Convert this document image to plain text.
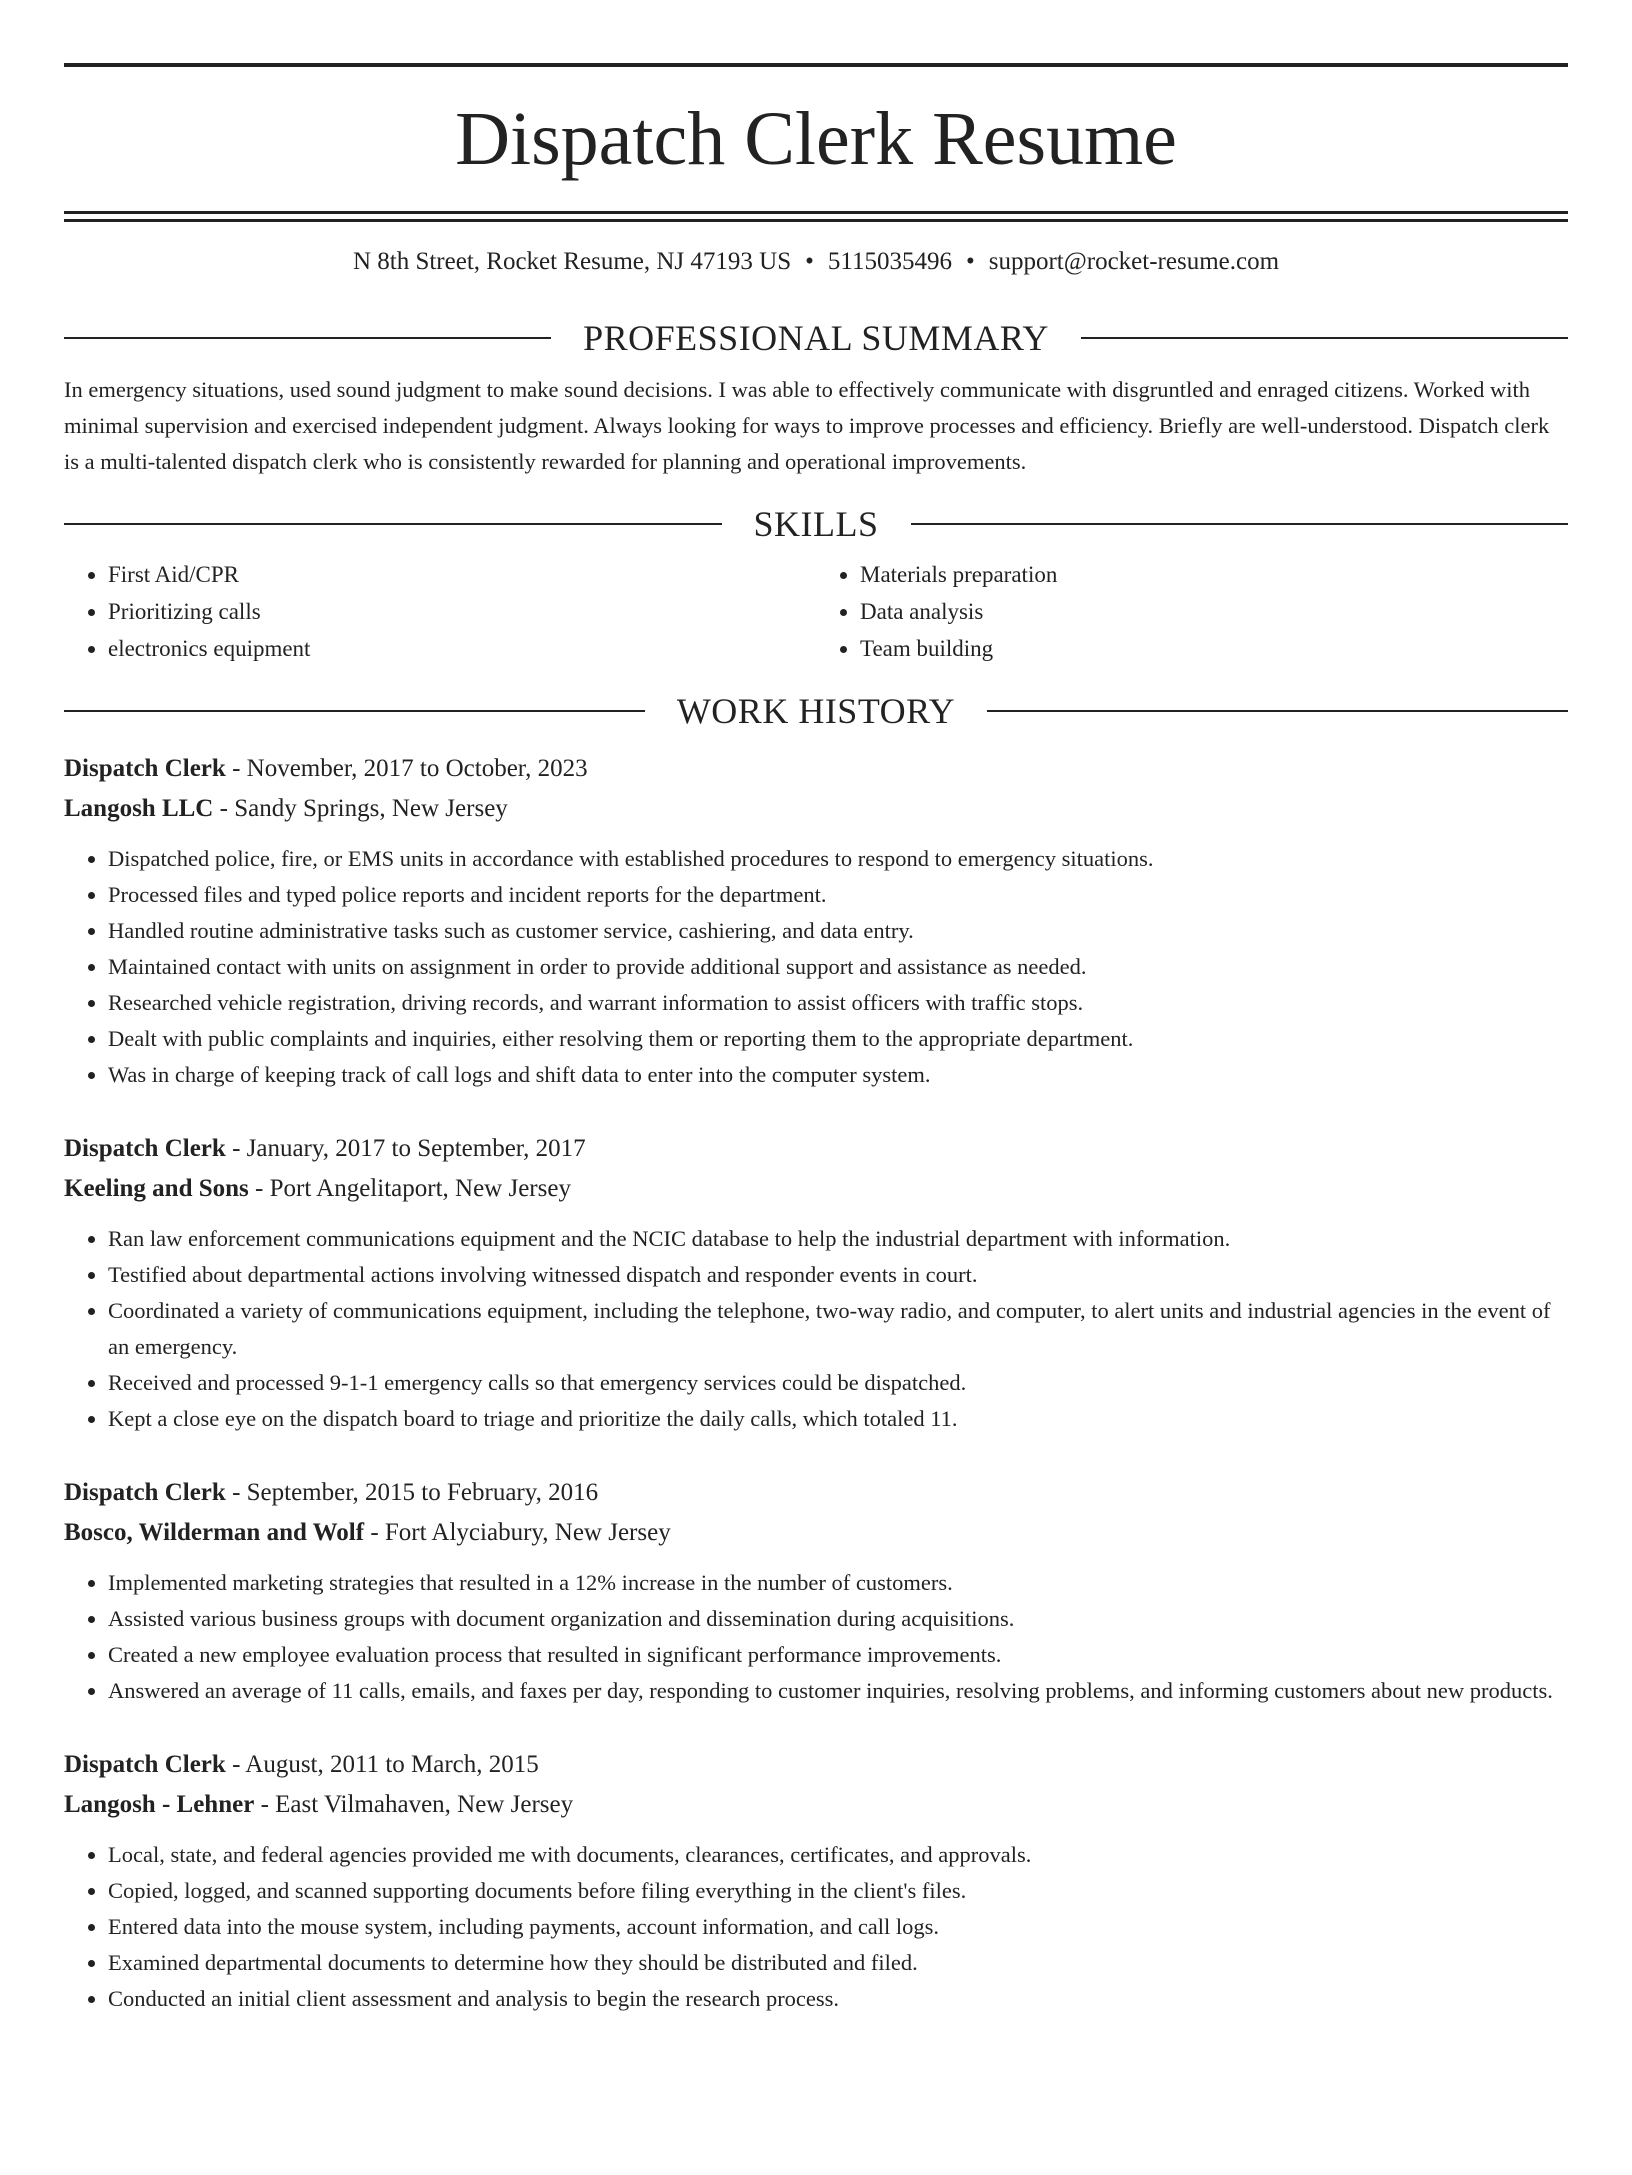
Dispatch Clerk Resume
N 8th Street, Rocket Resume, NJ 47193 US • 5115035496 • support@rocket-resume.com
PROFESSIONAL SUMMARY
In emergency situations, used sound judgment to make sound decisions. I was able to effectively communicate with disgruntled and enraged citizens. Worked with minimal supervision and exercised independent judgment. Always looking for ways to improve processes and efficiency. Briefly are well-understood. Dispatch clerk is a multi-talented dispatch clerk who is consistently rewarded for planning and operational improvements.
SKILLS
• First Aid/CPR
• Prioritizing calls
• electronics equipment
• Materials preparation
• Data analysis
• Team building
WORK HISTORY
Dispatch Clerk - November, 2017 to October, 2023
Langosh LLC - Sandy Springs, New Jersey
• Dispatched police, fire, or EMS units in accordance with established procedures to respond to emergency situations.
• Processed files and typed police reports and incident reports for the department.
• Handled routine administrative tasks such as customer service, cashiering, and data entry.
• Maintained contact with units on assignment in order to provide additional support and assistance as needed.
• Researched vehicle registration, driving records, and warrant information to assist officers with traffic stops.
• Dealt with public complaints and inquiries, either resolving them or reporting them to the appropriate department.
• Was in charge of keeping track of call logs and shift data to enter into the computer system.
Dispatch Clerk - January, 2017 to September, 2017
Keeling and Sons - Port Angelitaport, New Jersey
• Ran law enforcement communications equipment and the NCIC database to help the industrial department with information.
• Testified about departmental actions involving witnessed dispatch and responder events in court.
• Coordinated a variety of communications equipment, including the telephone, two-way radio, and computer, to alert units and industrial agencies in the event of an emergency.
• Received and processed 9-1-1 emergency calls so that emergency services could be dispatched.
• Kept a close eye on the dispatch board to triage and prioritize the daily calls, which totaled 11.
Dispatch Clerk - September, 2015 to February, 2016
Bosco, Wilderman and Wolf - Fort Alyciabury, New Jersey
• Implemented marketing strategies that resulted in a 12% increase in the number of customers.
• Assisted various business groups with document organization and dissemination during acquisitions.
• Created a new employee evaluation process that resulted in significant performance improvements.
• Answered an average of 11 calls, emails, and faxes per day, responding to customer inquiries, resolving problems, and informing customers about new products.
Dispatch Clerk - August, 2011 to March, 2015
Langosh - Lehner - East Vilmahaven, New Jersey
• Local, state, and federal agencies provided me with documents, clearances, certificates, and approvals.
• Copied, logged, and scanned supporting documents before filing everything in the client's files.
• Entered data into the mouse system, including payments, account information, and call logs.
• Examined departmental documents to determine how they should be distributed and filed.
• Conducted an initial client assessment and analysis to begin the research process.
